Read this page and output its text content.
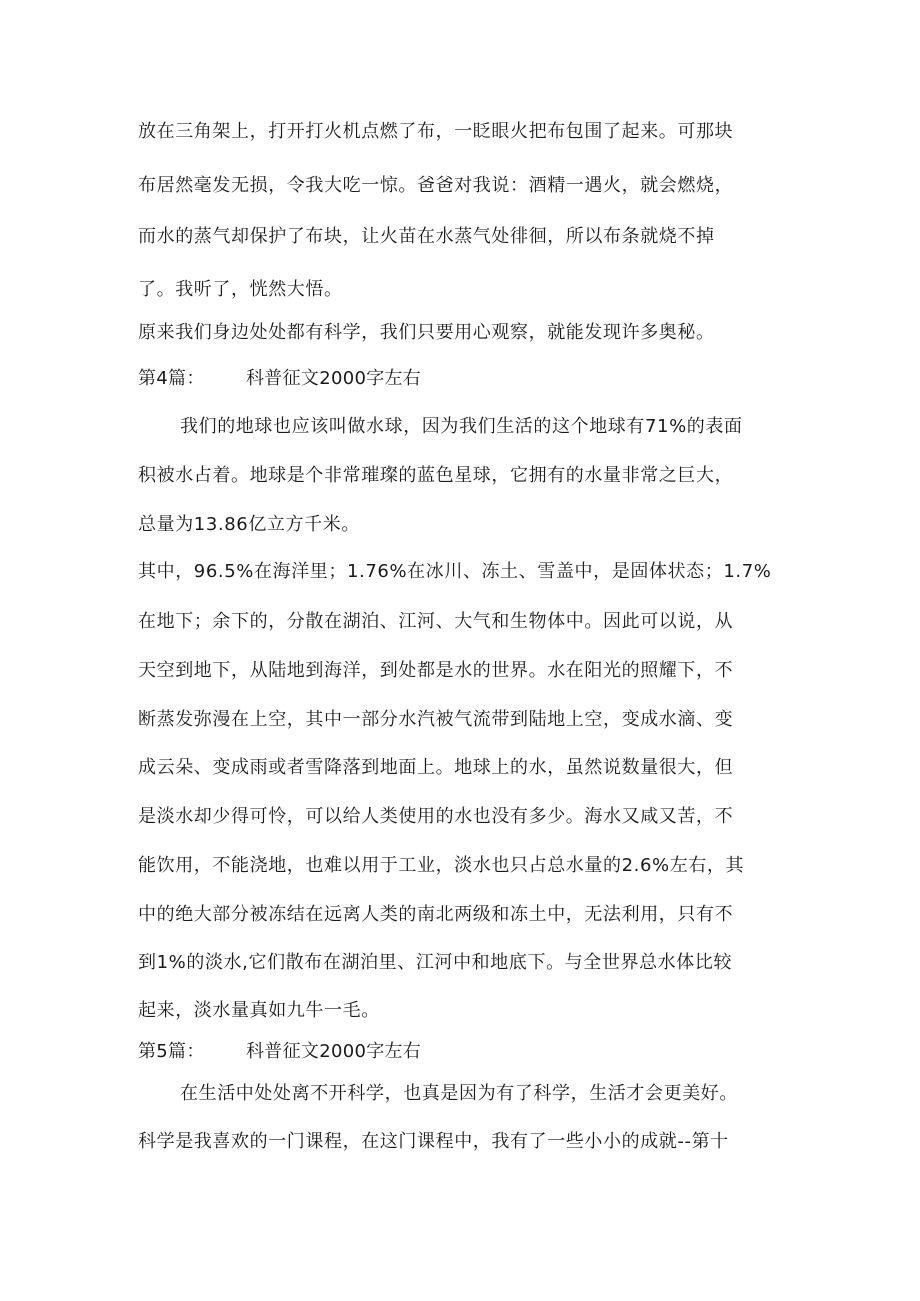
放在三角架上，打开打火机点燃了布，一眨眼火把布包围了起来。可那块
布居然毫发无损，令我大吃一惊。爸爸对我说：酒精一遇火，就会燃烧，
而水的蒸气却保护了布块，让火苗在水蒸气处徘徊，所以布条就烧不掉
了。我听了，恍然大悟。
原来我们身边处处都有科学，我们只要用心观察，就能发现许多奥秘。
第4篇： 科普征文2000字左右
我们的地球也应该叫做水球，因为我们生活的这个地球有71%的表面
积被水占着。地球是个非常璀璨的蓝色星球，它拥有的水量非常之巨大，
总量为13.86亿立方千米。
其中，96.5%在海洋里；1.76%在冰川、冻土、雪盖中，是固体状态；1.7%
在地下；余下的，分散在湖泊、江河、大气和生物体中。因此可以说，从
天空到地下，从陆地到海洋，到处都是水的世界。水在阳光的照耀下，不
断蒸发弥漫在上空，其中一部分水汽被气流带到陆地上空，变成水滴、变
成云朵、变成雨或者雪降落到地面上。地球上的水，虽然说数量很大，但
是淡水却少得可怜，可以给人类使用的水也没有多少。海水又咸又苦，不
能饮用，不能浇地，也难以用于工业，淡水也只占总水量的2.6%左右，其
中的绝大部分被冻结在远离人类的南北两级和冻土中，无法利用，只有不
到1%的淡水,它们散布在湖泊里、江河中和地底下。与全世界总水体比较
起来，淡水量真如九牛一毛。
第5篇： 科普征文2000字左右
在生活中处处离不开科学，也真是因为有了科学，生活才会更美好。
科学是我喜欢的一门课程，在这门课程中，我有了一些小小的成就--第十
